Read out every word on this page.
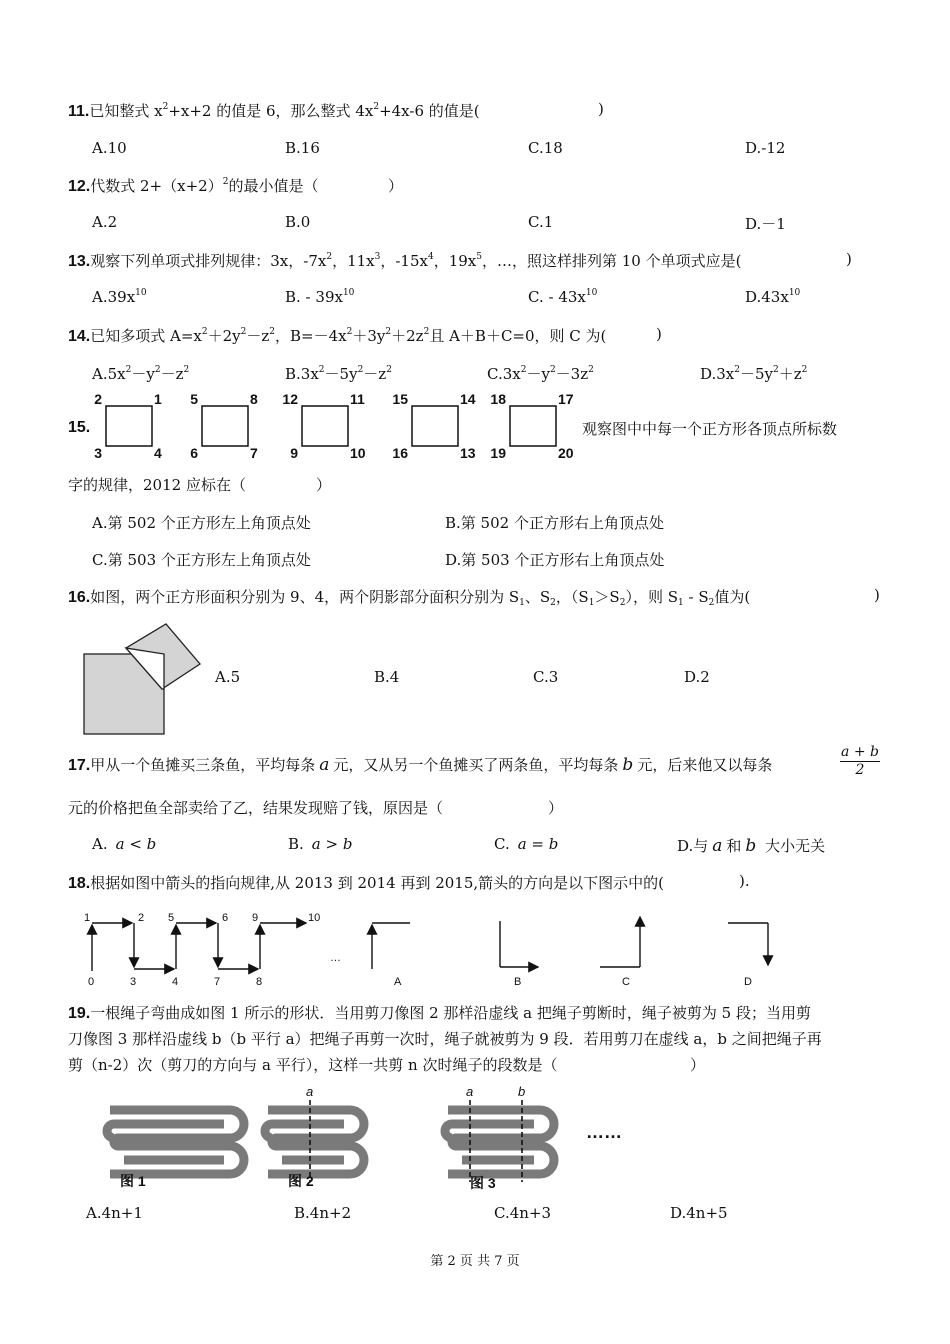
11.已知整式 $x^2+x+2$ 的值是 6，那么整式 $4x^2+4x-6$ 的值是(	)
A.10	B.16	C.18	D.-12
12.代数式 $2+(x+2)^2$的最小值是（	）
A.2	B.0	C.1	D.－1
13.观察下列单项式排列规律：3x，$-7x^2$，$11x^3$，$-15x^4$，$19x^5$，…，照这样排列第 10 个单项式应是(	)
$A.39x^{10}$	B. - $39x^{10}$	C. - $43x^{10}$	$D.43x^{10}$
14.已知多项式 $A=x^2+2y^2-z^2$，$B=-4x^2+3y^2+2z^2$且 A＋B＋C=0，则 C 为(	)
$A.5x^2-y^2-z^2$	$B.3x^2-5y^2-z^2$	$C.3x^2-y^2-3z^2$	$D.3x^2-5y^2+z^2$
15.
2	1
3	4
5	8
6	7
12	11
9	10
15	14
16	13
18	17
19	20
观察图中中每一个正方形各顶点所标数
字的规律，2012 应标在（	）
A.第 502 个正方形左上角顶点处	B.第 502 个正方形右上角顶点处
C.第 503 个正方形左上角顶点处	D.第 503 个正方形右上角顶点处
16.如图，两个正方形面积分别为 9、4，两个阴影部分面积分别为 $S_1$、$S_2$，$(S_1>S_2)$，则 $S_1 - S_2$值为(	)
A.5	B.4	C.3	D.2
17.甲从一个鱼摊买三条鱼，平均每条 a 元，又从另一个鱼摊买了两条鱼，平均每条 b 元，后来他又以每条
a + b
2
元的价格把鱼全部卖给了乙，结果发现赔了钱，原因是（	）
A. a < b	B. a > b	C. a = b	D.与 a 和 b 大小无关
18.根据如图中箭头的指向规律,从 2013 到 2014 再到 2015,箭头的方向是以下图示中的(	).
1	2 5	6 9	10
0	3	4	7	8
…
A	B	C	D
19.一根绳子弯曲成如图 1 所示的形状．当用剪刀像图 2 那样沿虚线 a 把绳子剪断时，绳子被剪为 5 段；当用剪
刀像图 3 那样沿虚线 b（b 平行 a）把绳子再剪一次时，绳子就被剪为 9 段．若用剪刀在虚线 a，b 之间把绳子再
剪（n-2）次（剪刀的方向与 a 平行），这样一共剪 n 次时绳子的段数是（	）
图 1	图 2	图 3
a	a	b
……
A.4n+1	B.4n+2	C.4n+3	D.4n+5
第 2 页 共 7 页
